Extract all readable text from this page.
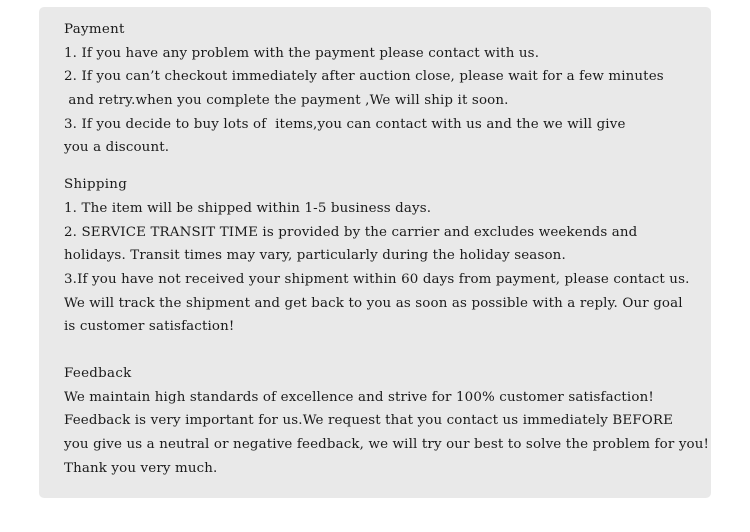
Payment
1. If you have any problem with the payment please contact with us.
2. If you can’t checkout immediately after auction close, please wait for a few minutes
and retry.when you complete the payment ,We will ship it soon.
3. If you decide to buy lots of  items,you can contact with us and the we will give
you a discount.
Shipping
1. The item will be shipped within 1-5 business days.
2. SERVICE TRANSIT TIME is provided by the carrier and excludes weekends and
holidays. Transit times may vary, particularly during the holiday season.
3.If you have not received your shipment within 60 days from payment, please contact us.
We will track the shipment and get back to you as soon as possible with a reply. Our goal
is customer satisfaction!
Feedback
We maintain high standards of excellence and strive for 100% customer satisfaction!
Feedback is very important for us.We request that you contact us immediately BEFORE
you give us a neutral or negative feedback, we will try our best to solve the problem for you!
Thank you very much.
